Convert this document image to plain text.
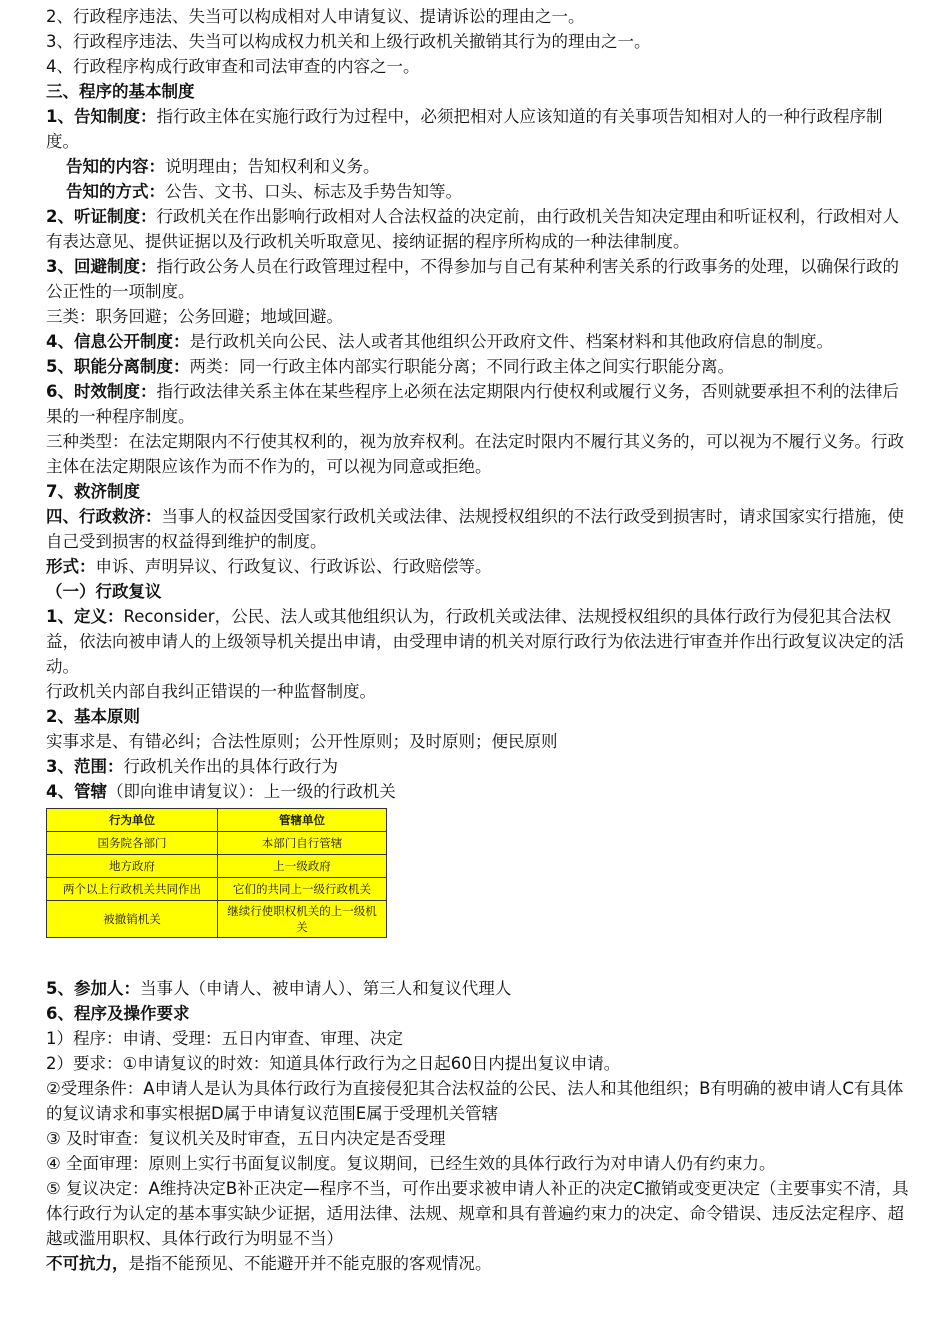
2、行政程序违法、失当可以构成相对人申请复议、提请诉讼的理由之一。
3、行政程序违法、失当可以构成权力机关和上级行政机关撤销其行为的理由之一。
4、行政程序构成行政审查和司法审查的内容之一。
三、程序的基本制度
1、告知制度：指行政主体在实施行政行为过程中，必须把相对人应该知道的有关事项告知相对人的一种行政程序制度。
告知的内容：说明理由；告知权利和义务。
告知的方式：公告、文书、口头、标志及手势告知等。
2、听证制度：行政机关在作出影响行政相对人合法权益的决定前，由行政机关告知决定理由和听证权利，行政相对人有表达意见、提供证据以及行政机关听取意见、接纳证据的程序所构成的一种法律制度。
3、回避制度：指行政公务人员在行政管理过程中，不得参加与自己有某种利害关系的行政事务的处理，以确保行政的公正性的一项制度。
三类：职务回避；公务回避；地域回避。
4、信息公开制度：是行政机关向公民、法人或者其他组织公开政府文件、档案材料和其他政府信息的制度。
5、职能分离制度：两类：同一行政主体内部实行职能分离；不同行政主体之间实行职能分离。
6、时效制度：指行政法律关系主体在某些程序上必须在法定期限内行使权利或履行义务，否则就要承担不利的法律后果的一种程序制度。
三种类型：在法定期限内不行使其权利的，视为放弃权利。在法定时限内不履行其义务的，可以视为不履行义务。行政主体在法定期限应该作为而不作为的，可以视为同意或拒绝。
7、救济制度
四、行政救济：当事人的权益因受国家行政机关或法律、法规授权组织的不法行政受到损害时，请求国家实行措施，使自己受到损害的权益得到维护的制度。
形式：申诉、声明异议、行政复议、行政诉讼、行政赔偿等。
（一）行政复议
1、定义：Reconsider，公民、法人或其他组织认为，行政机关或法律、法规授权组织的具体行政行为侵犯其合法权益，依法向被申请人的上级领导机关提出申请，由受理申请的机关对原行政行为依法进行审查并作出行政复议决定的活动。
行政机关内部自我纠正错误的一种监督制度。
2、基本原则
实事求是、有错必纠；合法性原则；公开性原则；及时原则；便民原则
3、范围：行政机关作出的具体行政行为
4、管辖（即向谁申请复议）：上一级的行政机关
行为单位	管辖单位
国务院各部门	本部门自行管辖
地方政府	上一级政府
两个以上行政机关共同作出	它们的共同上一级行政机关
被撤销机关	继续行使职权机关的上一级机关
5、参加人：当事人（申请人、被申请人）、第三人和复议代理人
6、程序及操作要求
1）程序：申请、受理：五日内审查、审理、决定
2）要求：①申请复议的时效：知道具体行政行为之日起60日内提出复议申请。
②受理条件：A申请人是认为具体行政行为直接侵犯其合法权益的公民、法人和其他组织；B有明确的被申请人C有具体的复议请求和事实根据D属于申请复议范围E属于受理机关管辖
③ 及时审查：复议机关及时审查，五日内决定是否受理
④ 全面审理：原则上实行书面复议制度。复议期间，已经生效的具体行政行为对申请人仍有约束力。
⑤ 复议决定：A维持决定B补正决定—程序不当，可作出要求被申请人补正的决定C撤销或变更决定（主要事实不清，具体行政行为认定的基本事实缺少证据，适用法律、法规、规章和具有普遍约束力的决定、命令错误、违反法定程序、超越或滥用职权、具体行政行为明显不当）
不可抗力，是指不能预见、不能避开并不能克服的客观情况。
